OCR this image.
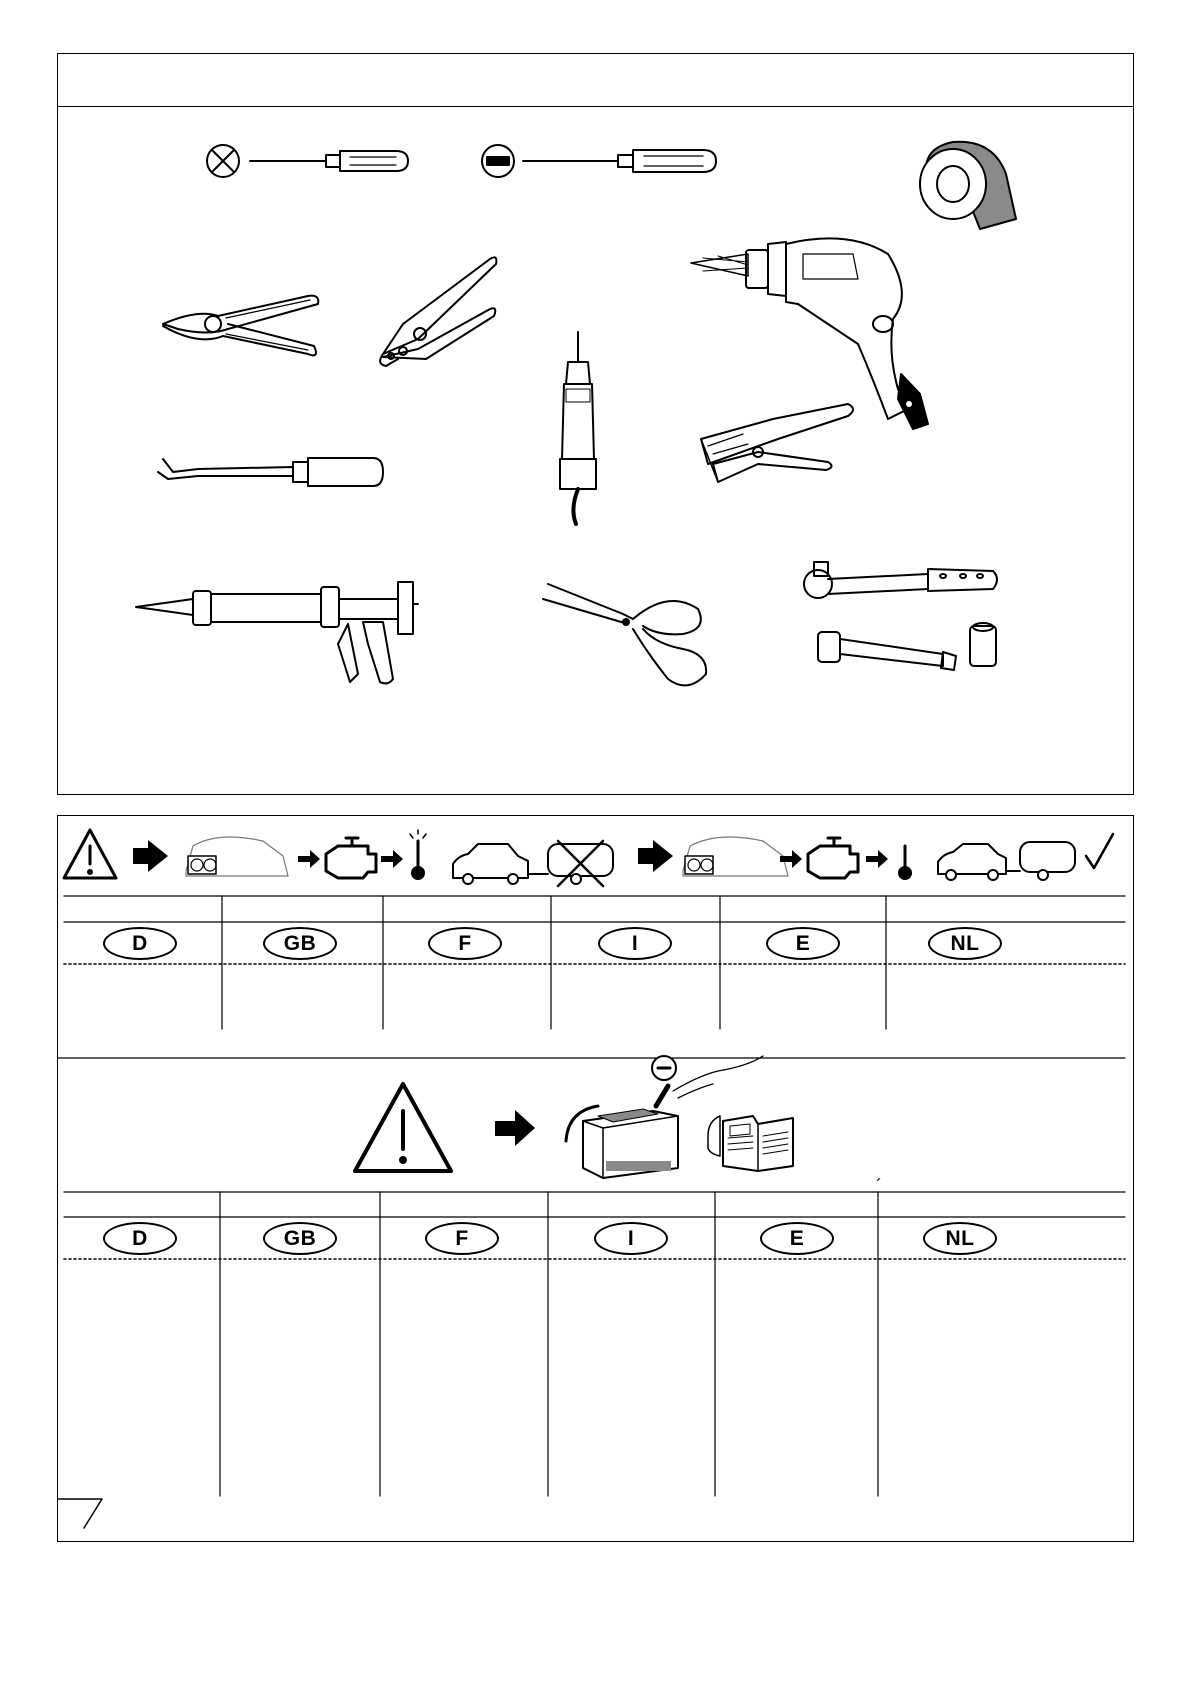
D	GB	F	I	E	NL
D	GB	F	I	E	NL
´
